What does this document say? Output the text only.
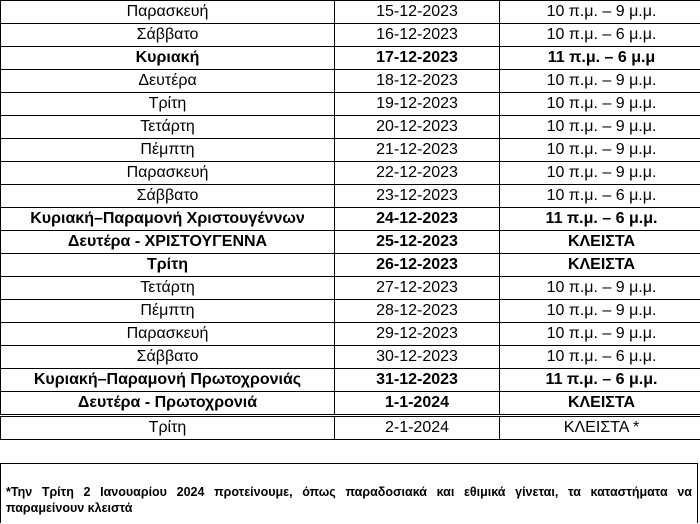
Παρασκευή	15-12-2023	10 π.μ. – 9 μ.μ.
Σάββατο	16-12-2023	10 π.μ. – 6 μ.μ.
Κυριακή	17-12-2023	11 π.μ. – 6 μ.μ
Δευτέρα	18-12-2023	10 π.μ. – 9 μ.μ.
Τρίτη	19-12-2023	10 π.μ. – 9 μ.μ.
Τετάρτη	20-12-2023	10 π.μ. – 9 μ.μ.
Πέμπτη	21-12-2023	10 π.μ. – 9 μ.μ.
Παρασκευή	22-12-2023	10 π.μ. – 9 μ.μ.
Σάββατο	23-12-2023	10 π.μ. – 6 μ.μ.
Κυριακή–Παραμονή Χριστουγέννων	24-12-2023	11 π.μ. – 6 μ.μ.
Δευτέρα - ΧΡΙΣΤΟΥΓΕΝΝΑ	25-12-2023	ΚΛΕΙΣΤΑ
Τρίτη	26-12-2023	ΚΛΕΙΣΤΑ
Τετάρτη	27-12-2023	10 π.μ. – 9 μ.μ.
Πέμπτη	28-12-2023	10 π.μ. – 9 μ.μ.
Παρασκευή	29-12-2023	10 π.μ. – 9 μ.μ.
Σάββατο	30-12-2023	10 π.μ. – 6 μ.μ.
Κυριακή–Παραμονή Πρωτοχρονιάς	31-12-2023	11 π.μ. – 6 μ.μ.
Δευτέρα - Πρωτοχρονιά	1-1-2024	ΚΛΕΙΣΤΑ
Τρίτη	2-1-2024	ΚΛΕΙΣΤΑ *

*Την Τρίτη 2 Ιανουαρίου 2024 προτείνουμε, όπως παραδοσιακά και εθιμικά γίνεται, τα καταστήματα να παραμείνουν κλειστά
